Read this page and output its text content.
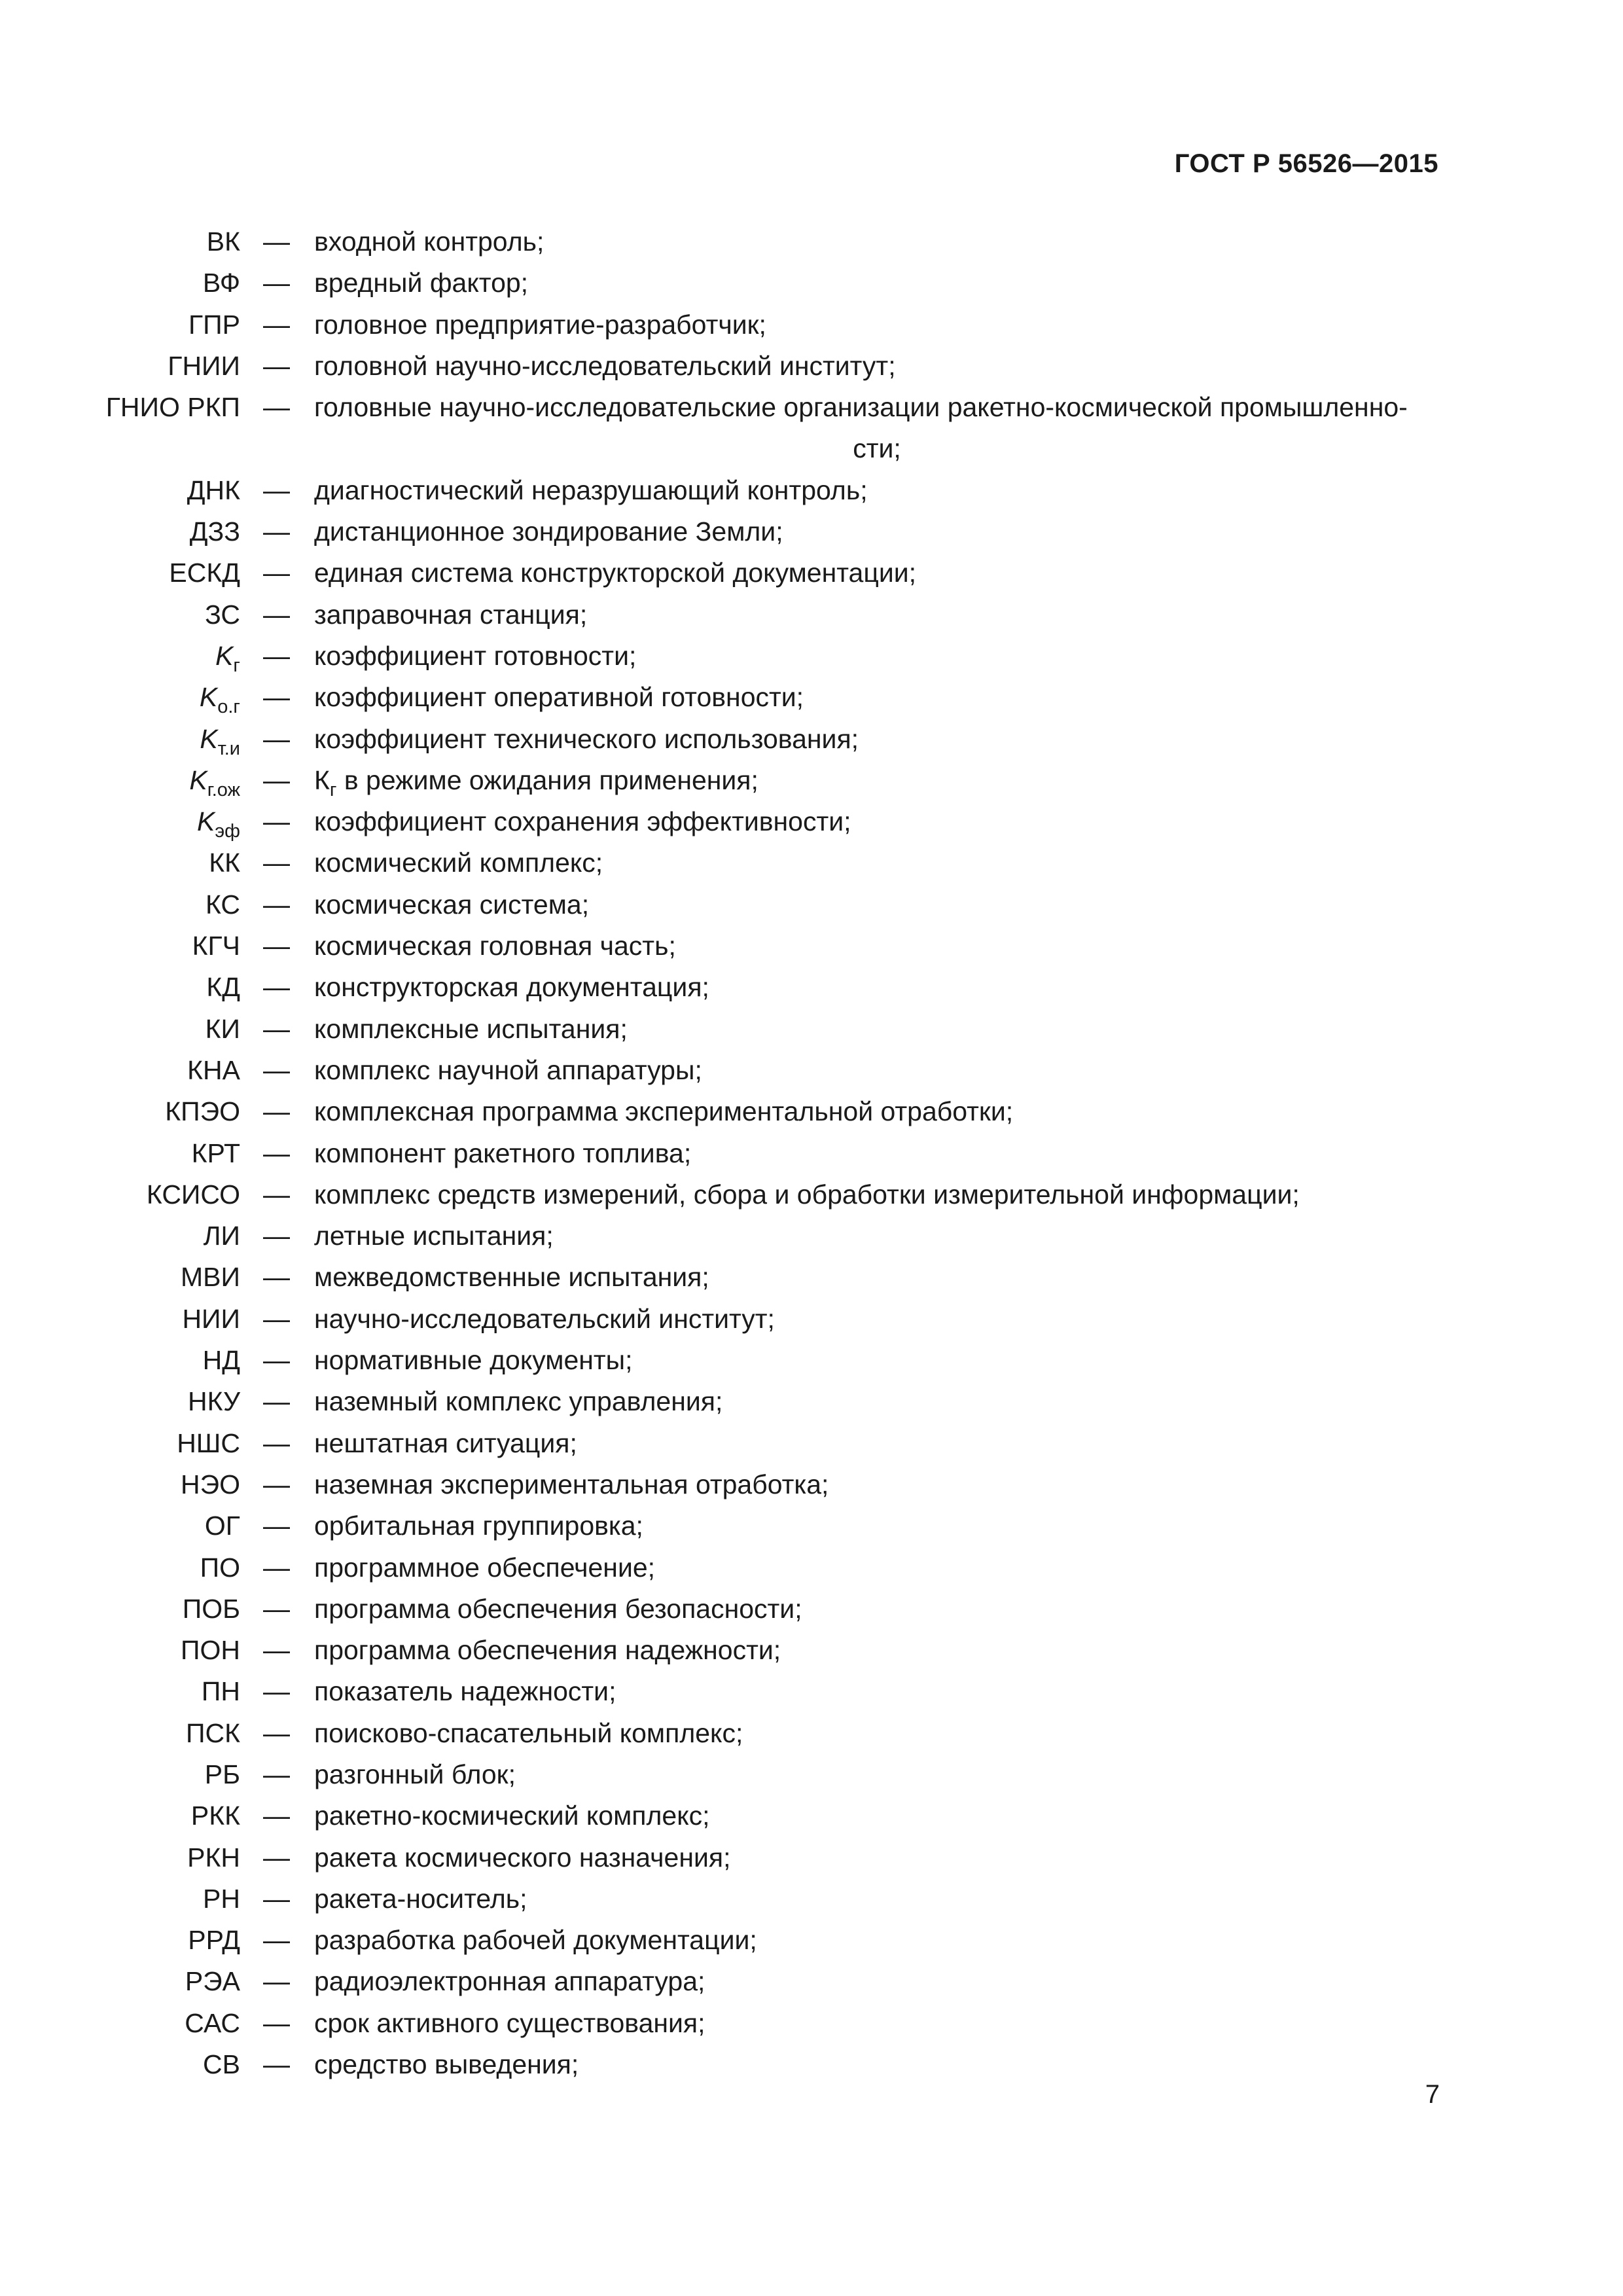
ГОСТ Р 56526—2015
ВК — входной контроль;
ВФ — вредный фактор;
ГПР — головное предприятие-разработчик;
ГНИИ — головной научно-исследовательский институт;
ГНИО РКП — головные научно-исследовательские организации ракетно-космической промышленно-
сти;
ДНК — диагностический неразрушающий контроль;
ДЗЗ — дистанционное зондирование Земли;
ЕСКД — единая система конструкторской документации;
ЗС — заправочная станция;
$K_г$ — коэффициент готовности;
$K_{о.г}$ — коэффициент оперативной готовности;
$K_{т.и}$ — коэффициент технического использования;
$K_{г.ож}$ — $К_г$ в режиме ожидания применения;
$K_{эф}$ — коэффициент сохранения эффективности;
КК — космический комплекс;
КС — космическая система;
КГЧ — космическая головная часть;
КД — конструкторская документация;
КИ — комплексные испытания;
КНА — комплекс научной аппаратуры;
КПЭО — комплексная программа экспериментальной отработки;
КРТ — компонент ракетного топлива;
КСИСО — комплекс средств измерений, сбора и обработки измерительной информации;
ЛИ — летные испытания;
МВИ — межведомственные испытания;
НИИ — научно-исследовательский институт;
НД — нормативные документы;
НКУ — наземный комплекс управления;
НШС — нештатная ситуация;
НЭО — наземная экспериментальная отработка;
ОГ — орбитальная группировка;
ПО — программное обеспечение;
ПОБ — программа обеспечения безопасности;
ПОН — программа обеспечения надежности;
ПН — показатель надежности;
ПСК — поисково-спасательный комплекс;
РБ — разгонный блок;
РКК — ракетно-космический комплекс;
РКН — ракета космического назначения;
РН — ракета-носитель;
РРД — разработка рабочей документации;
РЭА — радиоэлектронная аппаратура;
САС — срок активного существования;
СВ — средство выведения;
7
